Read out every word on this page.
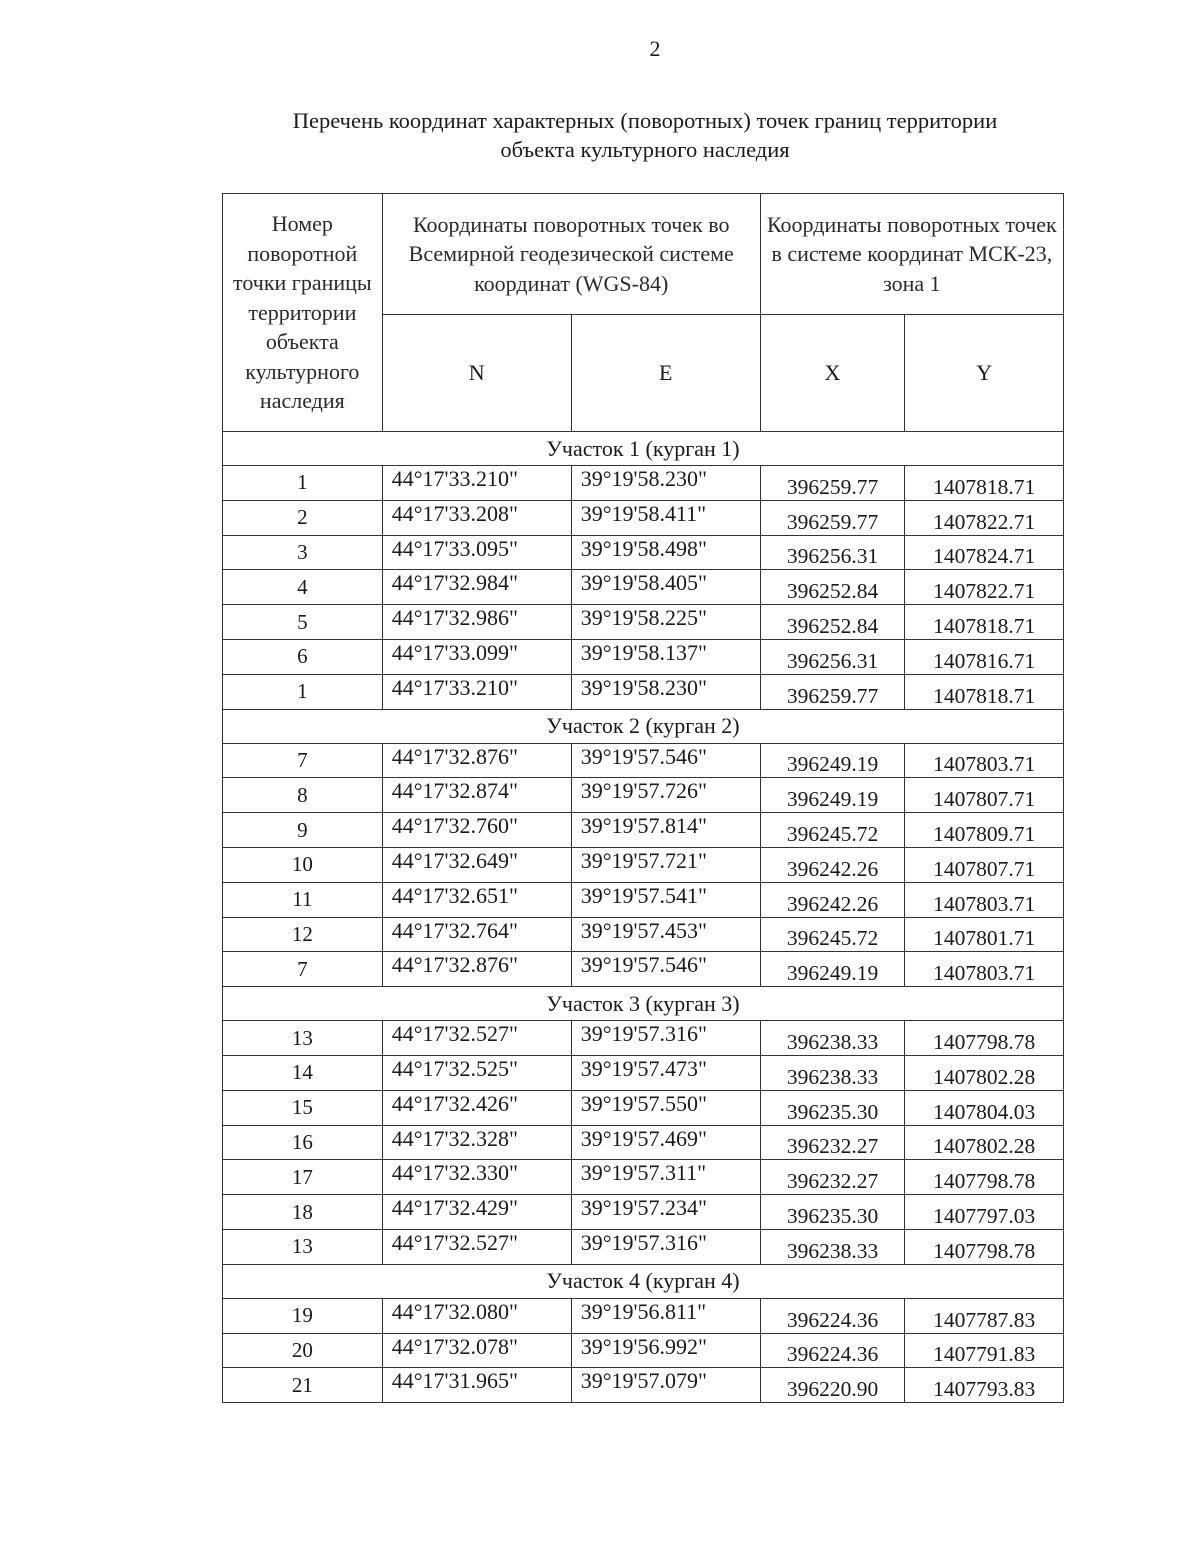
2
Перечень координат характерных (поворотных) точек границ территории
объекта культурного наследия
Номер поворотной точки границы территории объекта культурного наследия	Координаты поворотных точек во Всемирной геодезической системе координат (WGS-84)		Координаты поворотных точек в системе координат МСК-23, зона 1	
	N	E	X	Y
Участок 1 (курган 1)				
1	44°17'33.210"	39°19'58.230"	396259.77	1407818.71
2	44°17'33.208"	39°19'58.411"	396259.77	1407822.71
3	44°17'33.095"	39°19'58.498"	396256.31	1407824.71
4	44°17'32.984"	39°19'58.405"	396252.84	1407822.71
5	44°17'32.986"	39°19'58.225"	396252.84	1407818.71
6	44°17'33.099"	39°19'58.137"	396256.31	1407816.71
1	44°17'33.210"	39°19'58.230"	396259.77	1407818.71
Участок 2 (курган 2)				
7	44°17'32.876"	39°19'57.546"	396249.19	1407803.71
8	44°17'32.874"	39°19'57.726"	396249.19	1407807.71
9	44°17'32.760"	39°19'57.814"	396245.72	1407809.71
10	44°17'32.649"	39°19'57.721"	396242.26	1407807.71
11	44°17'32.651"	39°19'57.541"	396242.26	1407803.71
12	44°17'32.764"	39°19'57.453"	396245.72	1407801.71
7	44°17'32.876"	39°19'57.546"	396249.19	1407803.71
Участок 3 (курган 3)				
13	44°17'32.527"	39°19'57.316"	396238.33	1407798.78
14	44°17'32.525"	39°19'57.473"	396238.33	1407802.28
15	44°17'32.426"	39°19'57.550"	396235.30	1407804.03
16	44°17'32.328"	39°19'57.469"	396232.27	1407802.28
17	44°17'32.330"	39°19'57.311"	396232.27	1407798.78
18	44°17'32.429"	39°19'57.234"	396235.30	1407797.03
13	44°17'32.527"	39°19'57.316"	396238.33	1407798.78
Участок 4 (курган 4)				
19	44°17'32.080"	39°19'56.811"	396224.36	1407787.83
20	44°17'32.078"	39°19'56.992"	396224.36	1407791.83
21	44°17'31.965"	39°19'57.079"	396220.90	1407793.83
